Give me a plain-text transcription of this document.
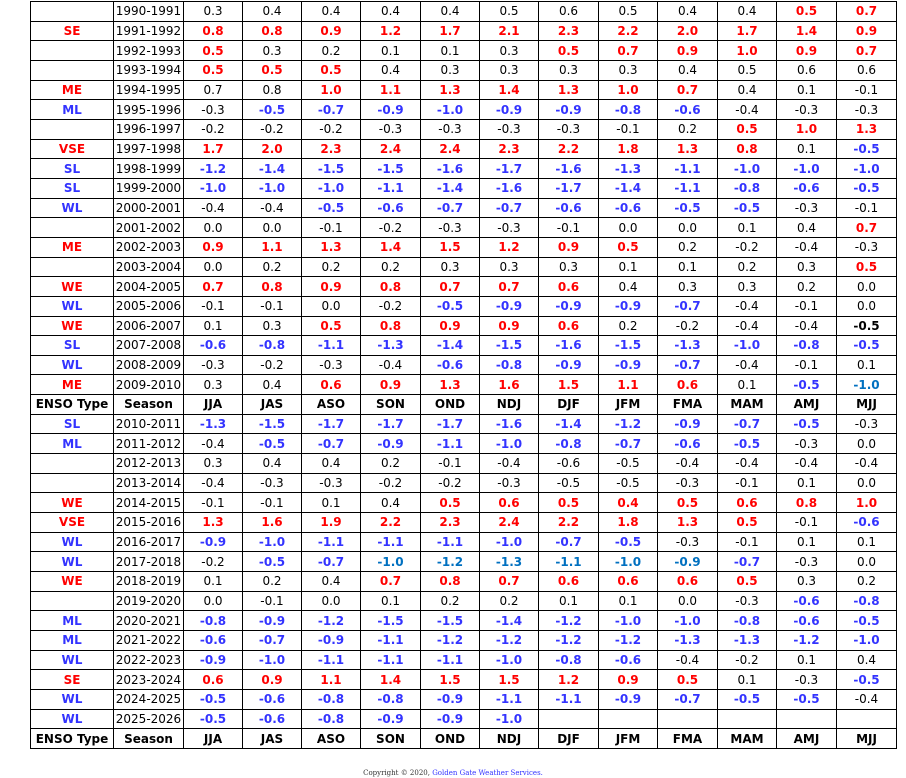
	1990-1991	0.3	0.4	0.4	0.4	0.4	0.5	0.6	0.5	0.4	0.4	0.5	0.7
SE	1991-1992	0.8	0.8	0.9	1.2	1.7	2.1	2.3	2.2	2.0	1.7	1.4	0.9
	1992-1993	0.5	0.3	0.2	0.1	0.1	0.3	0.5	0.7	0.9	1.0	0.9	0.7
	1993-1994	0.5	0.5	0.5	0.4	0.3	0.3	0.3	0.3	0.4	0.5	0.6	0.6
ME	1994-1995	0.7	0.8	1.0	1.1	1.3	1.4	1.3	1.0	0.7	0.4	0.1	-0.1
ML	1995-1996	-0.3	-0.5	-0.7	-0.9	-1.0	-0.9	-0.9	-0.8	-0.6	-0.4	-0.3	-0.3
	1996-1997	-0.2	-0.2	-0.2	-0.3	-0.3	-0.3	-0.3	-0.1	0.2	0.5	1.0	1.3
VSE	1997-1998	1.7	2.0	2.3	2.4	2.4	2.3	2.2	1.8	1.3	0.8	0.1	-0.5
SL	1998-1999	-1.2	-1.4	-1.5	-1.5	-1.6	-1.7	-1.6	-1.3	-1.1	-1.0	-1.0	-1.0
SL	1999-2000	-1.0	-1.0	-1.0	-1.1	-1.4	-1.6	-1.7	-1.4	-1.1	-0.8	-0.6	-0.5
WL	2000-2001	-0.4	-0.4	-0.5	-0.6	-0.7	-0.7	-0.6	-0.6	-0.5	-0.5	-0.3	-0.1
	2001-2002	0.0	0.0	-0.1	-0.2	-0.3	-0.3	-0.1	0.0	0.0	0.1	0.4	0.7
ME	2002-2003	0.9	1.1	1.3	1.4	1.5	1.2	0.9	0.5	0.2	-0.2	-0.4	-0.3
	2003-2004	0.0	0.2	0.2	0.2	0.3	0.3	0.3	0.1	0.1	0.2	0.3	0.5
WE	2004-2005	0.7	0.8	0.9	0.8	0.7	0.7	0.6	0.4	0.3	0.3	0.2	0.0
WL	2005-2006	-0.1	-0.1	0.0	-0.2	-0.5	-0.9	-0.9	-0.9	-0.7	-0.4	-0.1	0.0
WE	2006-2007	0.1	0.3	0.5	0.8	0.9	0.9	0.6	0.2	-0.2	-0.4	-0.4	-0.5
SL	2007-2008	-0.6	-0.8	-1.1	-1.3	-1.4	-1.5	-1.6	-1.5	-1.3	-1.0	-0.8	-0.5
WL	2008-2009	-0.3	-0.2	-0.3	-0.4	-0.6	-0.8	-0.9	-0.9	-0.7	-0.4	-0.1	0.1
ME	2009-2010	0.3	0.4	0.6	0.9	1.3	1.6	1.5	1.1	0.6	0.1	-0.5	-1.0
ENSO Type	Season	JJA	JAS	ASO	SON	OND	NDJ	DJF	JFM	FMA	MAM	AMJ	MJJ
SL	2010-2011	-1.3	-1.5	-1.7	-1.7	-1.7	-1.6	-1.4	-1.2	-0.9	-0.7	-0.5	-0.3
ML	2011-2012	-0.4	-0.5	-0.7	-0.9	-1.1	-1.0	-0.8	-0.7	-0.6	-0.5	-0.3	0.0
	2012-2013	0.3	0.4	0.4	0.2	-0.1	-0.4	-0.6	-0.5	-0.4	-0.4	-0.4	-0.4
	2013-2014	-0.4	-0.3	-0.3	-0.2	-0.2	-0.3	-0.5	-0.5	-0.3	-0.1	0.1	0.0
WE	2014-2015	-0.1	-0.1	0.1	0.4	0.5	0.6	0.5	0.4	0.5	0.6	0.8	1.0
VSE	2015-2016	1.3	1.6	1.9	2.2	2.3	2.4	2.2	1.8	1.3	0.5	-0.1	-0.6
WL	2016-2017	-0.9	-1.0	-1.1	-1.1	-1.1	-1.0	-0.7	-0.5	-0.3	-0.1	0.1	0.1
WL	2017-2018	-0.2	-0.5	-0.7	-1.0	-1.2	-1.3	-1.1	-1.0	-0.9	-0.7	-0.3	0.0
WE	2018-2019	0.1	0.2	0.4	0.7	0.8	0.7	0.6	0.6	0.6	0.5	0.3	0.2
	2019-2020	0.0	-0.1	0.0	0.1	0.2	0.2	0.1	0.1	0.0	-0.3	-0.6	-0.8
ML	2020-2021	-0.8	-0.9	-1.2	-1.5	-1.5	-1.4	-1.2	-1.0	-1.0	-0.8	-0.6	-0.5
ML	2021-2022	-0.6	-0.7	-0.9	-1.1	-1.2	-1.2	-1.2	-1.2	-1.3	-1.3	-1.2	-1.0
WL	2022-2023	-0.9	-1.0	-1.1	-1.1	-1.1	-1.0	-0.8	-0.6	-0.4	-0.2	0.1	0.4
SE	2023-2024	0.6	0.9	1.1	1.4	1.5	1.5	1.2	0.9	0.5	0.1	-0.3	-0.5
WL	2024-2025	-0.5	-0.6	-0.8	-0.8	-0.9	-1.1	-1.1	-0.9	-0.7	-0.5	-0.5	-0.4
WL	2025-2026	-0.5	-0.6	-0.8	-0.9	-0.9	-1.0						
ENSO Type	Season	JJA	JAS	ASO	SON	OND	NDJ	DJF	JFM	FMA	MAM	AMJ	MJJ
Copyright © 2020, Golden Gate Weather Services.
